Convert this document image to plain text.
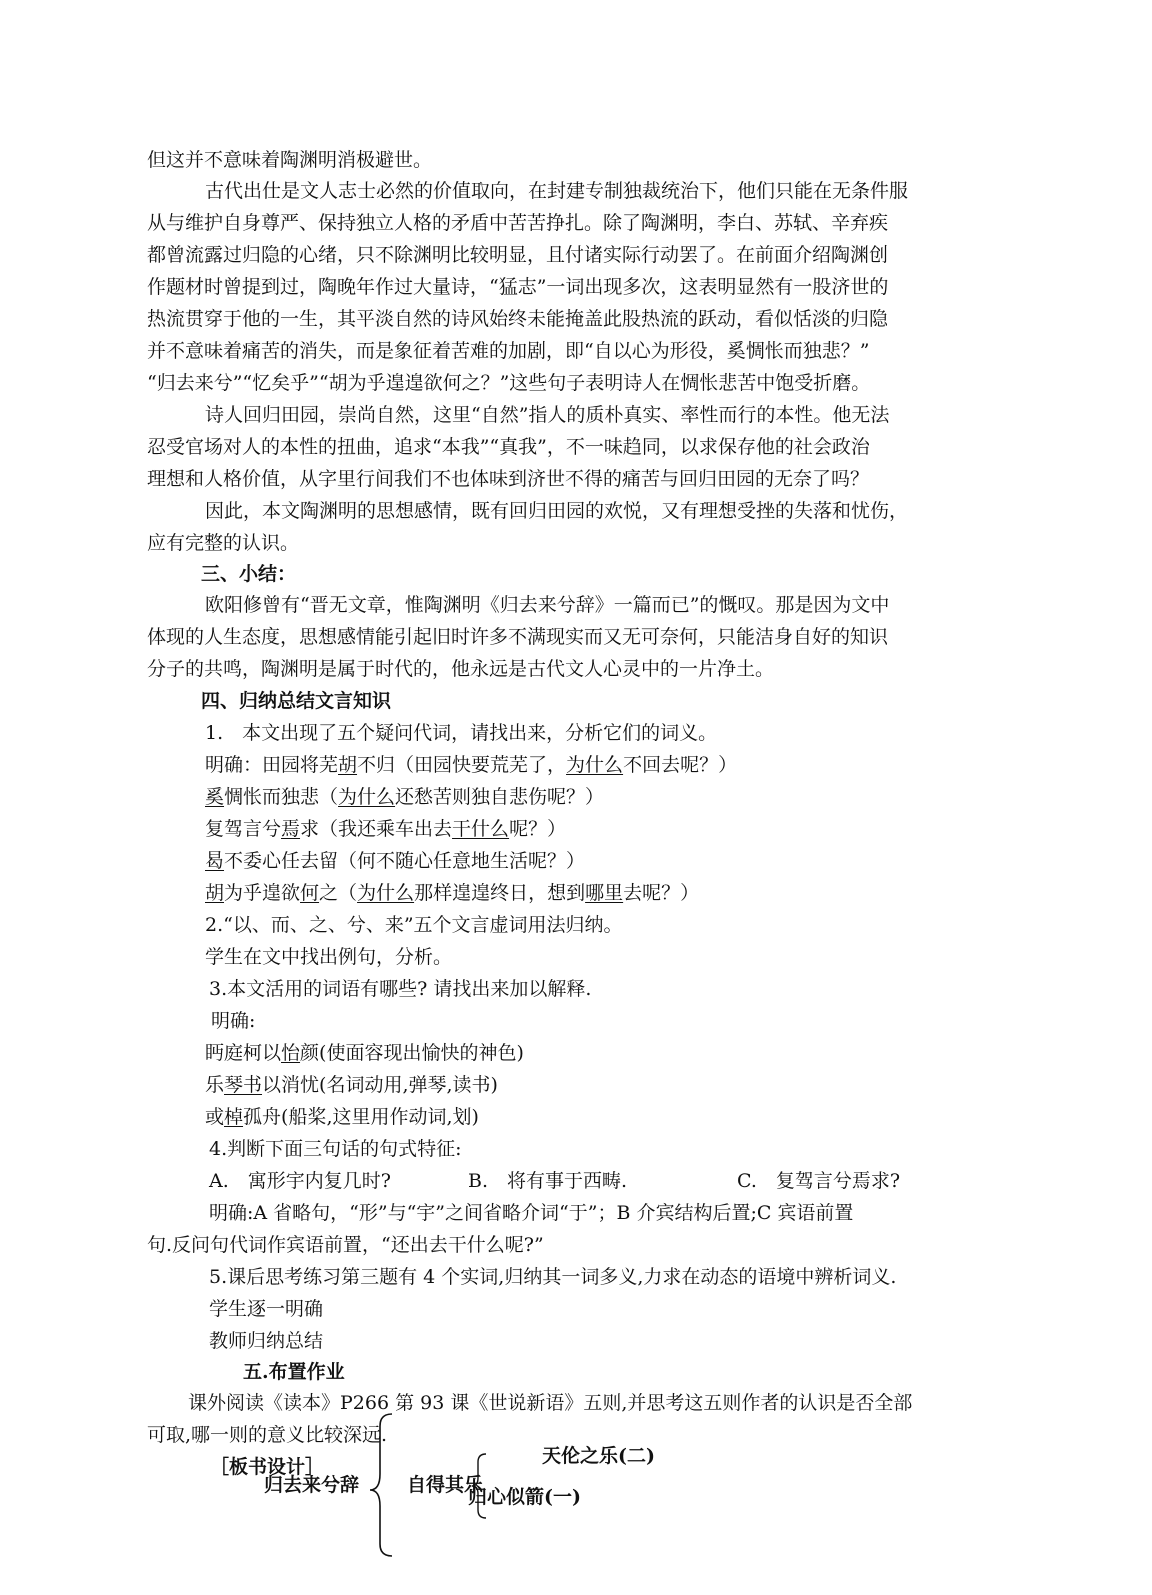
但这并不意味着陶渊明消极避世。
古代出仕是文人志士必然的价值取向，在封建专制独裁统治下，他们只能在无条件服
从与维护自身尊严、保持独立人格的矛盾中苦苦挣扎。除了陶渊明，李白、苏轼、辛弃疾
都曾流露过归隐的心绪，只不除渊明比较明显，且付诸实际行动罢了。在前面介绍陶渊创
作题材时曾提到过，陶晚年作过大量诗，“猛志”一词出现多次，这表明显然有一股济世的
热流贯穿于他的一生，其平淡自然的诗风始终未能掩盖此股热流的跃动，看似恬淡的归隐
并不意味着痛苦的消失，而是象征着苦难的加剧，即“自以心为形役，奚惆怅而独悲？”
“归去来兮”“忆矣乎”“胡为乎遑遑欲何之？”这些句子表明诗人在惆怅悲苦中饱受折磨。
诗人回归田园，崇尚自然，这里“自然”指人的质朴真实、率性而行的本性。他无法
忍受官场对人的本性的扭曲，追求“本我”“真我”，不一味趋同，以求保存他的社会政治
理想和人格价值，从字里行间我们不也体味到济世不得的痛苦与回归田园的无奈了吗？
因此，本文陶渊明的思想感情，既有回归田园的欢悦，又有理想受挫的失落和忧伤，
应有完整的认识。
三、小结：
欧阳修曾有“晋无文章，惟陶渊明《归去来兮辞》一篇而已”的慨叹。那是因为文中
体现的人生态度，思想感情能引起旧时许多不满现实而又无可奈何，只能洁身自好的知识
分子的共鸣，陶渊明是属于时代的，他永远是古代文人心灵中的一片净土。
四、归纳总结文言知识
1.　本文出现了五个疑问代词，请找出来，分析它们的词义。
明确：田园将芜胡不归（田园快要荒芜了，为什么不回去呢？）
奚惆怅而独悲（为什么还愁苦则独自悲伤呢？）
复驾言兮焉求（我还乘车出去干什么呢？）
曷不委心任去留（何不随心任意地生活呢？）
胡为乎遑欲何之（为什么那样遑遑终日，想到哪里去呢？）
2.“以、而、之、兮、来”五个文言虚词用法归纳。
学生在文中找出例句，分析。
3.本文活用的词语有哪些? 请找出来加以解释.
明确:
眄庭柯以怡颜(使面容现出愉快的神色)
乐琴书以消忧(名词动用,弹琴,读书)
或棹孤舟(船桨,这里用作动词,划)
4.判断下面三句话的句式特征:
A.　寓形宇内复几时?	B.　将有事于西畴.	C.　复驾言兮焉求?
明确:A 省略句，“形”与“宇”之间省略介词“于”；B 介宾结构后置;C 宾语前置
句.反问句代词作宾语前置，“还出去干什么呢?”
5.课后思考练习第三题有 4 个实词,归纳其一词多义,力求在动态的语境中辨析词义.
学生逐一明确
教师归纳总结
五.布置作业
课外阅读《读本》P266 第 93 课《世说新语》五则,并思考这五则作者的认识是否全部
可取,哪一则的意义比较深远.
［板书设计］
归去来兮辞
归心似箭(一)
自得其乐
天伦之乐(二)
